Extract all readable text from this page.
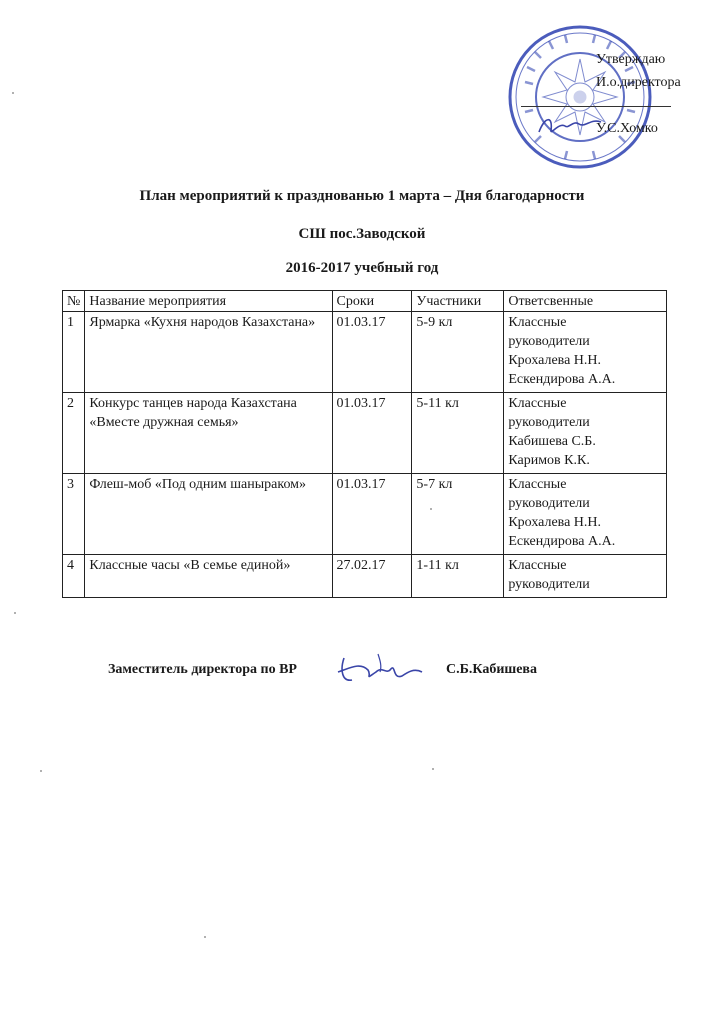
Утверждаю
И.о.директора
У.С.Хомко
План мероприятий к празднованью 1 марта – Дня благодарности
СШ пос.Заводской
2016-2017 учебный год
№	Название мероприятия	Сроки	Участники	Ответсвенные
1	Ярмарка «Кухня народов Казахстана»	01.03.17	5-9 кл	Классные
руководители
Крохалева Н.Н.
Ескендирова А.А.

2	Конкурс танцев народа Казахстана «Вместе дружная семья»	01.03.17	5-11 кл	Классные
руководители
Кабишева С.Б.
Каримов К.К.

3	Флеш-моб «Под одним шаныраком»	01.03.17	5-7 кл	Классные
руководители
Крохалева Н.Н.
Ескендирова А.А.

4	Классные часы «В семье единой»	27.02.17	1-11 кл	Классные
руководители
Заместитель директора по ВР	С.Б.Кабишева
